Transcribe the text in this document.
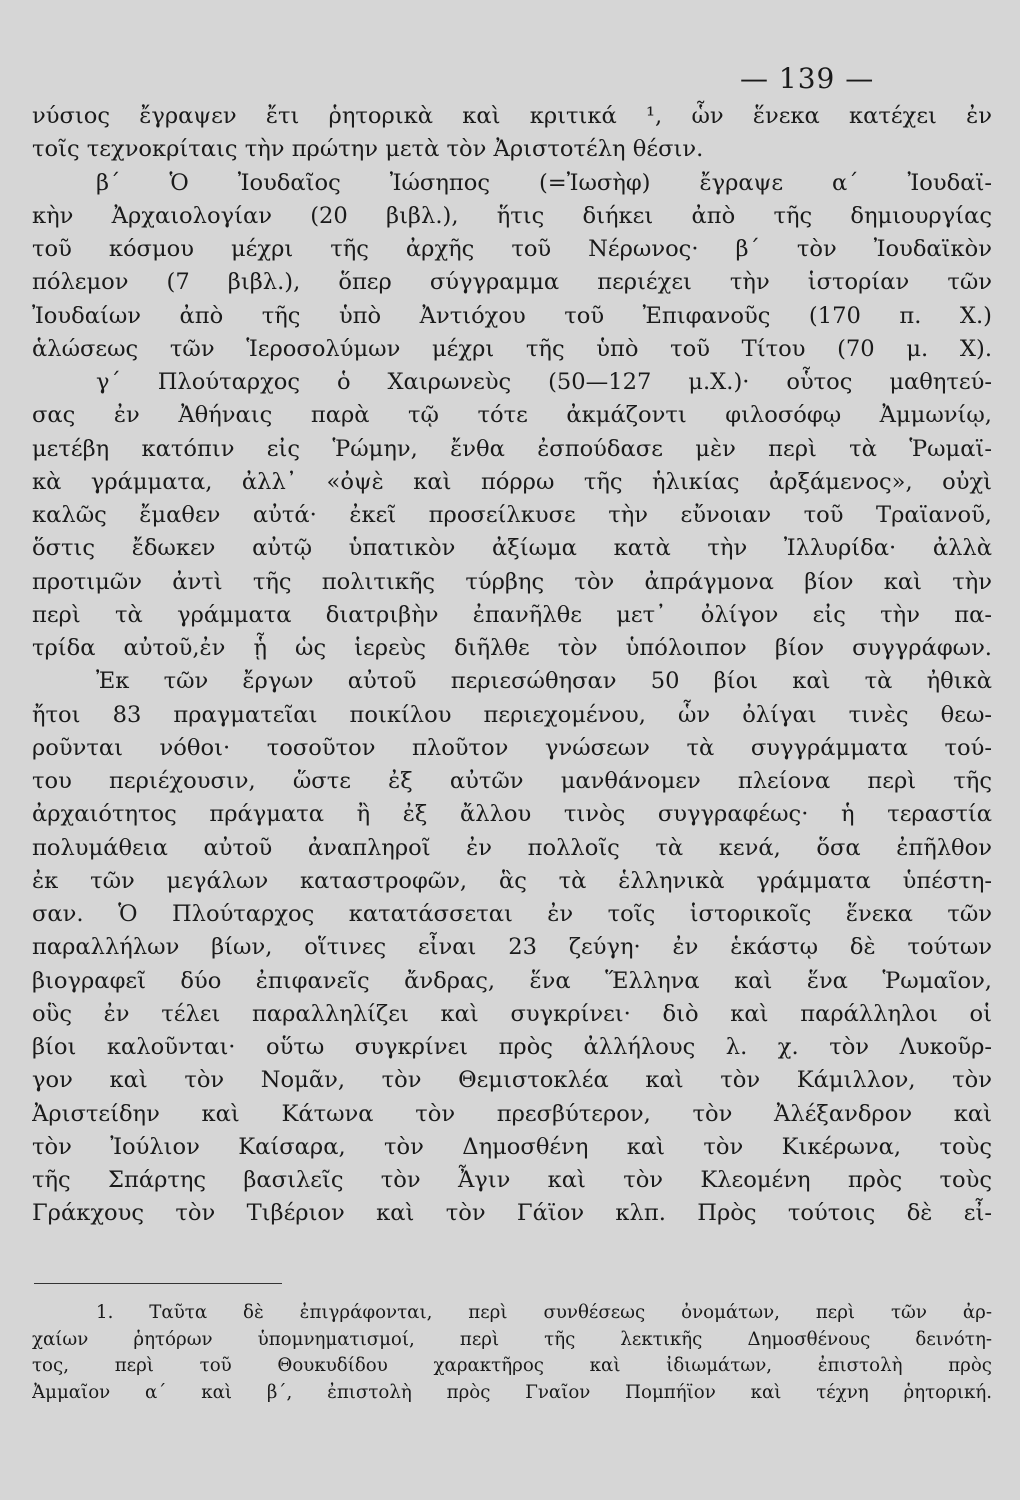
— 139 —
νύσιος ἔγραψεν ἔτι ῥητορικὰ καὶ κριτικά ¹, ὧν ἕνεκα κατέχει ἐν
τοῖς τεχνοκρίταις τὴν πρώτην μετὰ τὸν Ἀριστοτέλη θέσιν.
β΄ Ὁ Ἰουδαῖος Ἰώσηπος (=Ἰωσὴφ) ἔγραψε α΄ Ἰουδαϊ-
κὴν Ἀρχαιολογίαν (20 βιβλ.), ἥτις διήκει ἀπὸ τῆς δημιουργίας
τοῦ κόσμου μέχρι τῆς ἀρχῆς τοῦ Νέρωνος· β΄ τὸν Ἰουδαϊκὸν
πόλεμον (7 βιβλ.), ὅπερ σύγγραμμα περιέχει τὴν ἱστορίαν τῶν
Ἰουδαίων ἀπὸ τῆς ὑπὸ Ἀντιόχου τοῦ Ἐπιφανοῦς (170 π. Χ.)
ἁλώσεως τῶν Ἱεροσολύμων μέχρι τῆς ὑπὸ τοῦ Τίτου (70 μ. Χ).
γ΄ Πλούταρχος ὁ Χαιρωνεὺς (50—127 μ.Χ.)· οὗτος μαθητεύ-
σας ἐν Ἀθήναις παρὰ τῷ τότε ἀκμάζοντι φιλοσόφῳ Ἀμμωνίῳ,
μετέβη κατόπιν εἰς Ῥώμην, ἔνθα ἐσπούδασε μὲν περὶ τὰ Ῥωμαϊ-
κὰ γράμματα, ἀλλ᾽ «ὀψὲ καὶ πόρρω τῆς ἡλικίας ἀρξάμενος», οὐχὶ
καλῶς ἔμαθεν αὐτά· ἐκεῖ προσείλκυσε τὴν εὔνοιαν τοῦ Τραϊανοῦ,
ὅστις ἔδωκεν αὐτῷ ὑπατικὸν ἀξίωμα κατὰ τὴν Ἰλλυρίδα· ἀλλὰ
προτιμῶν ἀντὶ τῆς πολιτικῆς τύρβης τὸν ἀπράγμονα βίον καὶ τὴν
περὶ τὰ γράμματα διατριβὴν ἐπανῆλθε μετ᾽ ὀλίγον εἰς τὴν πα-
τρίδα αὐτοῦ,ἐν ᾗ ὡς ἱερεὺς διῆλθε τὸν ὑπόλοιπον βίον συγγράφων.
Ἐκ τῶν ἔργων αὐτοῦ περιεσώθησαν 50 βίοι καὶ τὰ ἠθικὰ
ἤτοι 83 πραγματεῖαι ποικίλου περιεχομένου, ὧν ὀλίγαι τινὲς θεω-
ροῦνται νόθοι· τοσοῦτον πλοῦτον γνώσεων τὰ συγγράμματα τού-
του περιέχουσιν, ὥστε ἐξ αὐτῶν μανθάνομεν πλείονα περὶ τῆς
ἀρχαιότητος πράγματα ἢ ἐξ ἄλλου τινὸς συγγραφέως· ἡ τεραστία
πολυμάθεια αὐτοῦ ἀναπληροῖ ἐν πολλοῖς τὰ κενά, ὅσα ἐπῆλθον
ἐκ τῶν μεγάλων καταστροφῶν, ἃς τὰ ἑλληνικὰ γράμματα ὑπέστη-
σαν. Ὁ Πλούταρχος κατατάσσεται ἐν τοῖς ἱστορικοῖς ἕνεκα τῶν
παραλλήλων βίων, οἵτινες εἶναι 23 ζεύγη· ἐν ἑκάστῳ δὲ τούτων
βιογραφεῖ δύο ἐπιφανεῖς ἄνδρας, ἕνα Ἕλληνα καὶ ἕνα Ῥωμαῖον,
οὓς ἐν τέλει παραλληλίζει καὶ συγκρίνει· διὸ καὶ παράλληλοι οἱ
βίοι καλοῦνται· οὕτω συγκρίνει πρὸς ἀλλήλους λ. χ. τὸν Λυκοῦρ-
γον καὶ τὸν Νομᾶν, τὸν Θεμιστοκλέα καὶ τὸν Κάμιλλον, τὸν
Ἀριστείδην καὶ Κάτωνα τὸν πρεσβύτερον, τὸν Ἀλέξανδρον καὶ
τὸν Ἰούλιον Καίσαρα, τὸν Δημοσθένη καὶ τὸν Κικέρωνα, τοὺς
τῆς Σπάρτης βασιλεῖς τὸν Ἆγιν καὶ τὸν Κλεομένη πρὸς τοὺς
Γράκχους τὸν Τιβέριον καὶ τὸν Γάϊον κλπ. Πρὸς τούτοις δὲ εἶ-
1. Ταῦτα δὲ ἐπιγράφονται, περὶ συνθέσεως ὀνομάτων, περὶ τῶν ἀρ-
χαίων ῥητόρων ὑπομνηματισμοί, περὶ τῆς λεκτικῆς Δημοσθένους δεινότη-
τος, περὶ τοῦ Θουκυδίδου χαρακτῆρος καὶ ἰδιωμάτων, ἐπιστολὴ πρὸς
Ἀμμαῖον α΄ καὶ β΄, ἐπιστολὴ πρὸς Γναῖον Πομπήϊον καὶ τέχνη ῥητορική.
